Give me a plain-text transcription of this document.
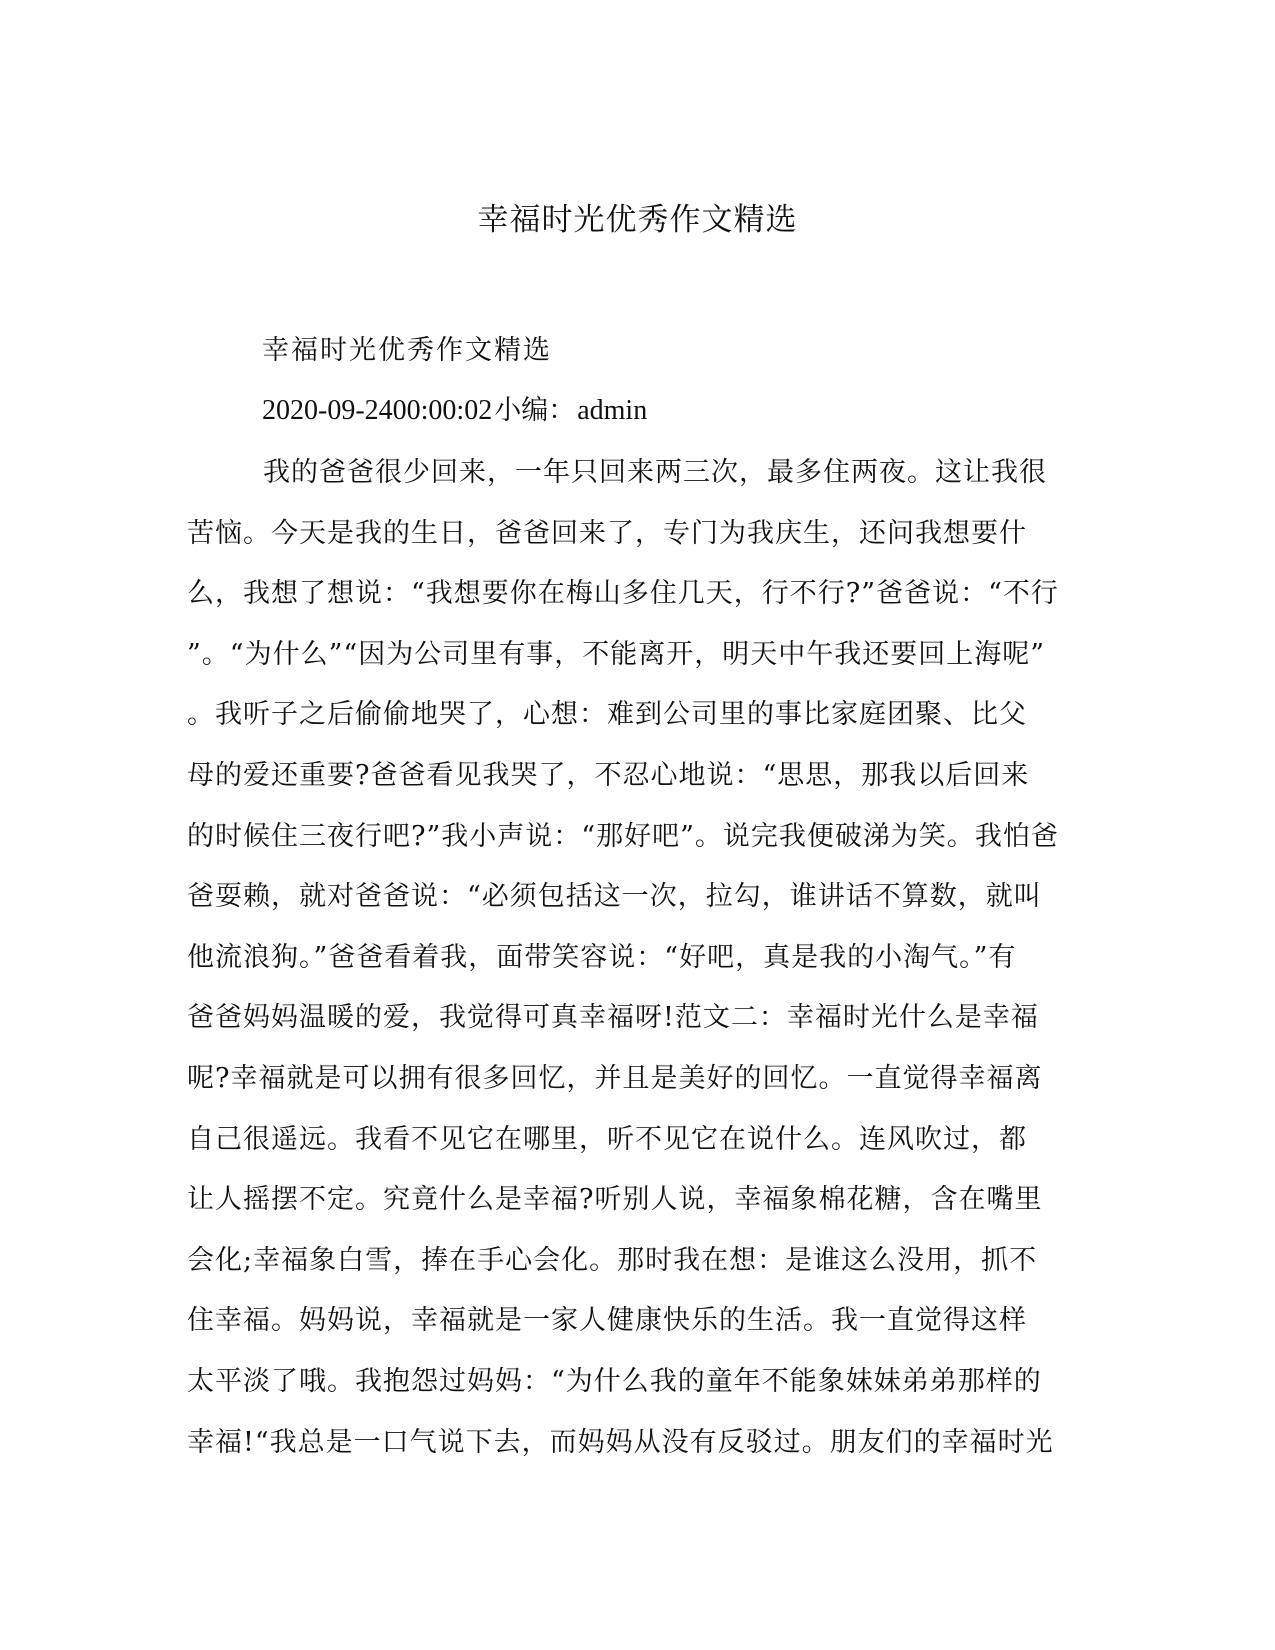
幸福时光优秀作文精选

幸福时光优秀作文精选

2020-09-2400:00:02小编：admin

我的爸爸很少回来，一年只回来两三次，最多住两夜。这让我很
苦恼。今天是我的生日，爸爸回来了，专门为我庆生，还问我想要什
么，我想了想说：“我想要你在梅山多住几天，行不行?”爸爸说：“不行
”。“为什么”“因为公司里有事，不能离开，明天中午我还要回上海呢”
。我听子之后偷偷地哭了，心想：难到公司里的事比家庭团聚、比父
母的爱还重要?爸爸看见我哭了，不忍心地说：“思思，那我以后回来
的时候住三夜行吧?”我小声说：“那好吧”。说完我便破涕为笑。我怕爸
爸耍赖，就对爸爸说：“必须包括这一次，拉勾，谁讲话不算数，就叫
他流浪狗。”爸爸看着我，面带笑容说：“好吧，真是我的小淘气。”有
爸爸妈妈温暖的爱，我觉得可真幸福呀!范文二：幸福时光什么是幸福
呢?幸福就是可以拥有很多回忆，并且是美好的回忆。一直觉得幸福离
自己很遥远。我看不见它在哪里，听不见它在说什么。连风吹过，都
让人摇摆不定。究竟什么是幸福?听别人说，幸福象棉花糖，含在嘴里
会化;幸福象白雪，捧在手心会化。那时我在想：是谁这么没用，抓不
住幸福。妈妈说，幸福就是一家人健康快乐的生活。我一直觉得这样
太平淡了哦。我抱怨过妈妈：“为什么我的童年不能象妹妹弟弟那样的
幸福!“我总是一口气说下去，而妈妈从没有反驳过。朋友们的幸福时光
